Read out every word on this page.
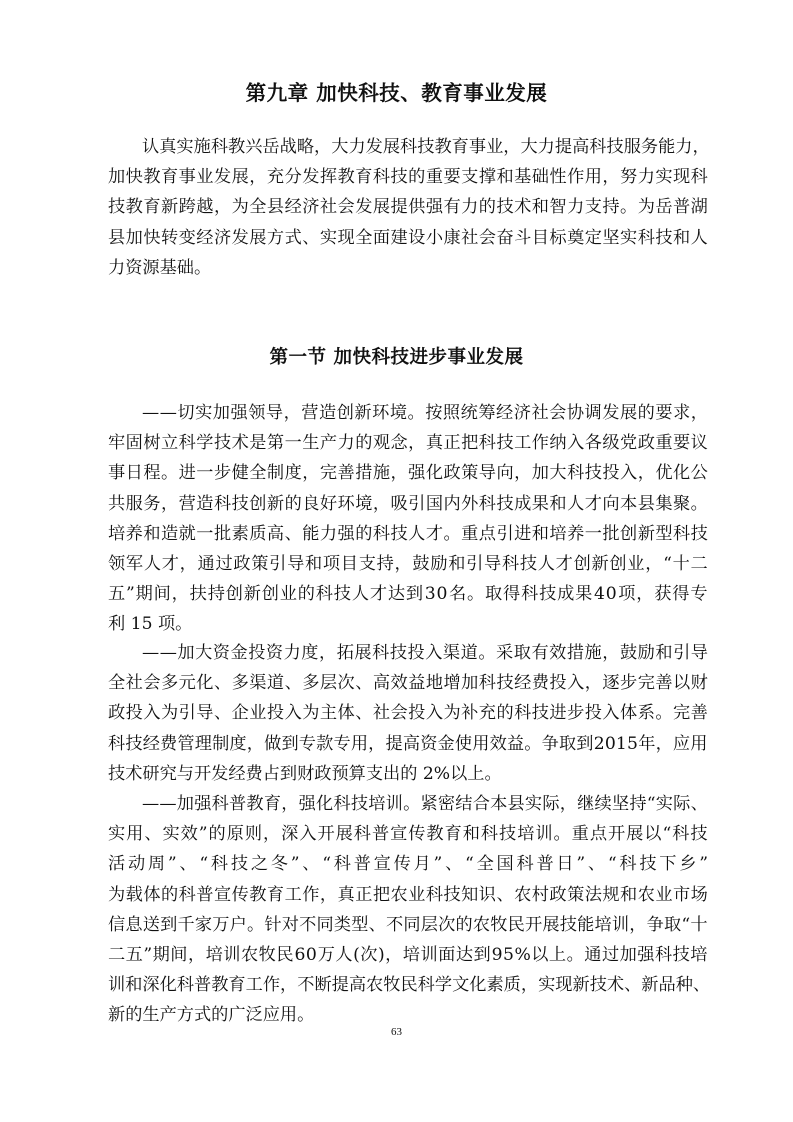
第九章 加快科技、教育事业发展
认 真 实 施 科 教 兴 岳 战 略 ， 大 力 发 展 科 技 教 育 事 业 ， 大 力 提 高 科 技 服 务 能 力 ，
加 快 教 育 事 业 发 展 ， 充 分 发 挥 教 育 科 技 的 重 要 支 撑 和 基 础 性 作 用 ， 努 力 实 现 科
技 教 育 新 跨 越 ， 为 全 县 经 济 社 会 发 展 提 供 强 有 力 的 技 术 和 智 力 支 持 。 为 岳 普 湖
县 加 快 转 变 经 济 发 展 方 式 、 实 现 全 面 建 设 小 康 社 会 奋 斗 目 标 奠 定 坚 实 科 技 和 人
力资源基础。
第一节 加快科技进步事业发展
— — 切 实 加 强 领 导 ， 营 造 创 新 环 境 。 按 照 统 筹 经 济 社 会 协 调 发 展 的 要 求 ，
牢 固 树 立 科 学 技 术 是 第 一 生 产 力 的 观 念 ， 真 正 把 科 技 工 作 纳 入 各 级 党 政 重 要 议
事 日 程 。 进 一 步 健 全 制 度 ， 完 善 措 施 ， 强 化 政 策 导 向 ， 加 大 科 技 投 入 ， 优 化 公
共 服 务 ， 营 造 科 技 创 新 的 良 好 环 境 ， 吸 引 国 内 外 科 技 成 果 和 人 才 向 本 县 集 聚 。
培 养 和 造 就 一 批 素 质 高 、 能 力 强 的 科 技 人 才 。 重 点 引 进 和 培 养 一 批 创 新 型 科 技
领 军 人 才 ， 通 过 政 策 引 导 和 项 目 支 持 ， 鼓 励 和 引 导 科 技 人 才 创 新 创 业 ， “ 十 二
五 ” 期 间 ， 扶 持 创 新 创 业 的 科 技 人 才 达 到 3 0 名 。 取 得 科 技 成 果 4 0 项 ， 获 得 专
利 15 项。
— — 加 大 资 金 投 资 力 度 ， 拓 展 科 技 投 入 渠 道 。 采 取 有 效 措 施 ， 鼓 励 和 引 导
全 社 会 多 元 化 、 多 渠 道 、 多 层 次 、 高 效 益 地 增 加 科 技 经 费 投 入 ， 逐 步 完 善 以 财
政 投 入 为 引 导 、 企 业 投 入 为 主 体 、 社 会 投 入 为 补 充 的 科 技 进 步 投 入 体 系 。 完 善
科 技 经 费 管 理 制 度 ， 做 到 专 款 专 用 ， 提 高 资 金 使 用 效 益 。 争 取 到 2 0 1 5 年 ， 应 用
技术研究与开发经费占到财政预算支出的 2%以上。
— — 加 强 科 普 教 育 ， 强 化 科 技 培 训 。 紧 密 结 合 本 县 实 际 ， 继 续 坚 持 “ 实 际 、
实 用 、 实 效 ” 的 原 则 ， 深 入 开 展 科 普 宣 传 教 育 和 科 技 培 训 。 重 点 开 展 以 “ 科 技
活 动 周 ” 、 “ 科 技 之 冬 ” 、 “ 科 普 宣 传 月 ” 、 “ 全 国 科 普 日 ” 、 “ 科 技 下 乡 ”
为 载 体 的 科 普 宣 传 教 育 工 作 ， 真 正 把 农 业 科 技 知 识 、 农 村 政 策 法 规 和 农 业 市 场
信 息 送 到 千 家 万 户 。 针 对 不 同 类 型 、 不 同 层 次 的 农 牧 民 开 展 技 能 培 训 ， 争 取 “ 十
二 五 ” 期 间 ， 培 训 农 牧 民 6 0 万 人 ( 次 ) ， 培 训 面 达 到 9 5 % 以 上 。 通 过 加 强 科 技 培
训 和 深 化 科 普 教 育 工 作 ， 不 断 提 高 农 牧 民 科 学 文 化 素 质 ， 实 现 新 技 术 、 新 品 种 、
新的生产方式的广泛应用。
63
